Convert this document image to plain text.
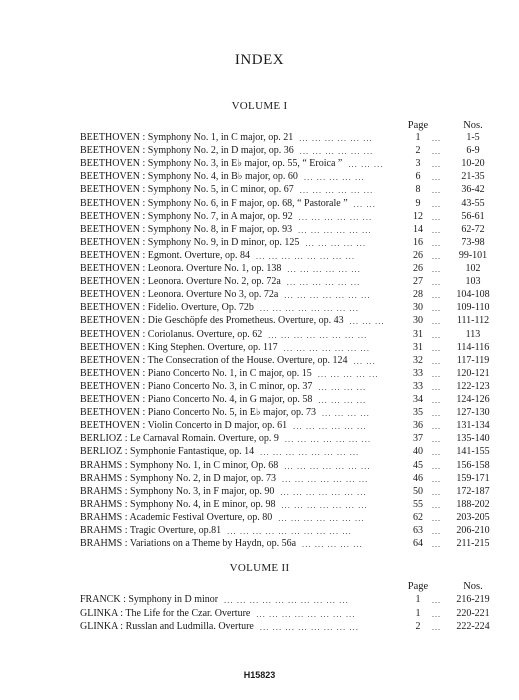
INDEX
VOLUME I
Page	Nos.
BEETHOVEN : Symphony No. 1, in C major, op. 21	1	1-5
... ... ... ... ... ...	...
BEETHOVEN : Symphony No. 2, in D major, op. 36	2	6-9
... ... ... ... ... ...	...
BEETHOVEN : Symphony No. 3, in E♭ major, op. 55, “ Eroica ”	3	10-20
... ... ...	...
BEETHOVEN : Symphony No. 4, in B♭ major, op. 60	6	21-35
... ... ... ... ...	...
BEETHOVEN : Symphony No. 5, in C minor, op. 67	8	36-42
... ... ... ... ... ...	...
BEETHOVEN : Symphony No. 6, in F major, op. 68, “ Pastorale ”	9	43-55
... ...	...
BEETHOVEN : Symphony No. 7, in A major, op. 92	12	56-61
... ... ... ... ... ...	...
BEETHOVEN : Symphony No. 8, in F major, op. 93	14	62-72
... ... ... ... ... ...	...
BEETHOVEN : Symphony No. 9, in D minor, op. 125	16	73-98
... ... ... ... ...	...
BEETHOVEN : Egmont. Overture, op. 84	26	99-101
... ... ... ... ... ... ... ...	...
BEETHOVEN : Leonora. Overture No. 1, op. 138	26	102
... ... ... ... ... ...	...
BEETHOVEN : Leonora. Overture No. 2, op. 72a	27	103
... ... ... ... ... ...	...
BEETHOVEN : Leonora. Overture No 3, op. 72a	28	104-108
... ... ... ... ... ... ...	...
BEETHOVEN : Fidelio. Overture, Op. 72b	30	109-110
... ... ... ... ... ... ... ...	...
BEETHOVEN : Die Geschöpfe des Prometheus. Overture, op. 43	30	111-112
... ... ...	...
BEETHOVEN : Coriolanus. Overture, op. 62	31	113
... ... ... ... ... ... ... ...	...
BEETHOVEN : King Stephen. Overture, op. 117	31	114-116
... ... ... ... ... ... ...	...
BEETHOVEN : The Consecration of the House. Overture, op. 124	32	117-119
... ...	...
BEETHOVEN : Piano Concerto No. 1, in C major, op. 15	33	120-121
... ... ... ... ...	...
BEETHOVEN : Piano Concerto No. 3, in C minor, op. 37	33	122-123
... ... ... ...	...
BEETHOVEN : Piano Concerto No. 4, in G major, op. 58	34	124-126
... ... ... ...	...
BEETHOVEN : Piano Concerto No. 5, in E♭ major, op. 73	35	127-130
... ... ... ...	...
BEETHOVEN : Violin Concerto in D major, op. 61	36	131-134
... ... ... ... ... ...	...
BERLIOZ : Le Carnaval Romain. Overture, op. 9	37	135-140
... ... ... ... ... ... ...	...
BERLIOZ : Symphonie Fantastique, op. 14	40	141-155
... ... ... ... ... ... ... ...	...
BRAHMS : Symphony No. 1, in C minor, Op. 68	45	156-158
... ... ... ... ... ... ...	...
BRAHMS : Symphony No. 2, in D major, op. 73	46	159-171
... ... ... ... ... ... ...	...
BRAHMS : Symphony No. 3, in F major, op. 90	50	172-187
... ... ... ... ... ... ...	...
BRAHMS : Symphony No. 4, in E minor, op. 98	55	188-202
... ... ... ... ... ... ...	...
BRAHMS : Academic Festival Overture, op. 80	62	203-205
... ... ... ... ... ... ...	...
BRAHMS : Tragic Overture, op.81	63	206-210
... ... ... ... ... ... ... ... ... ...	...
BRAHMS : Variations on a Theme by Haydn, op. 56a	64	211-215
... ... ... ... ...	...
VOLUME II
Page	Nos.
FRANCK : Symphony in D minor	1	216-219
... ... ... ... ... ... ... ... ... ...	...
GLINKA : The Life for the Czar. Overture	1	220-221
... ... ... ... ... ... ... ...	...
GLINKA : Russlan and Ludmilla. Overture	2	222-224
... ... ... ... ... ... ... ...	...
H15823
